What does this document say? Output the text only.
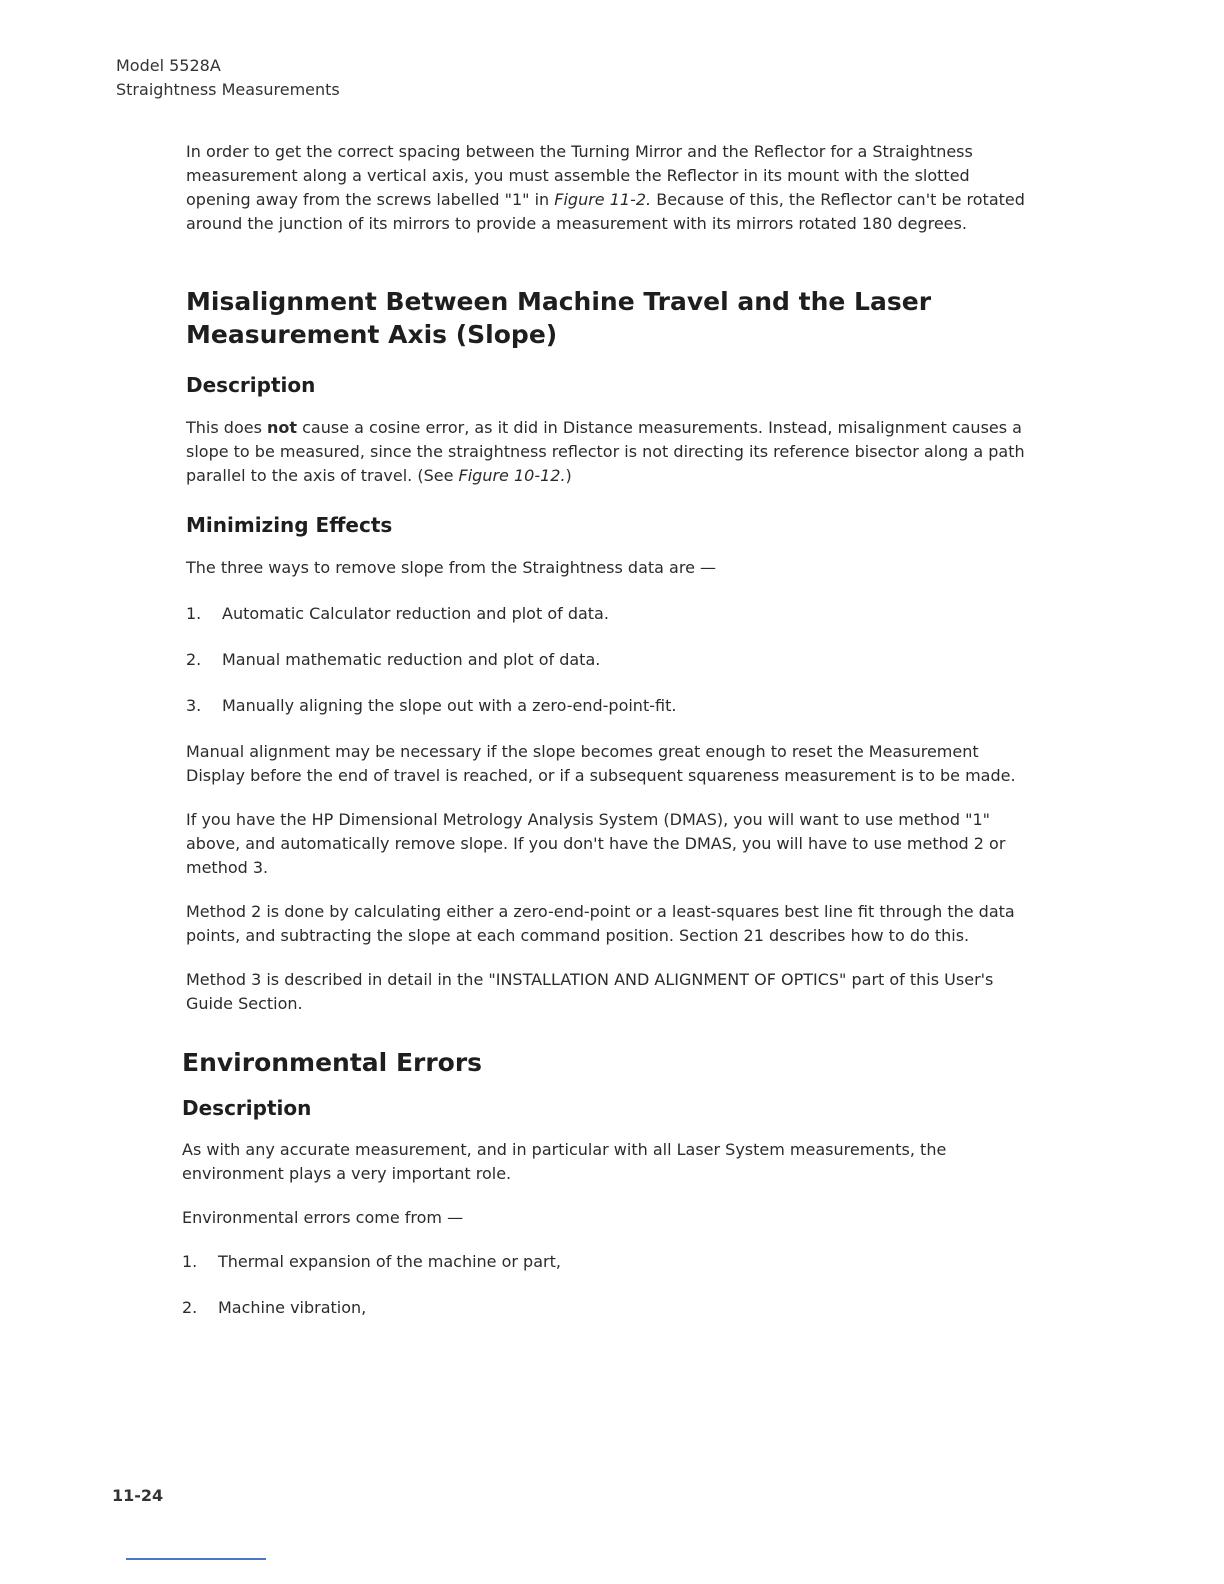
Model 5528A
Straightness Measurements

In order to get the correct spacing between the Turning Mirror and the Reflector for a Straightness measurement along a vertical axis, you must assemble the Reflector in its mount with the slotted opening away from the screws labelled "1" in Figure 11-2. Because of this, the Reflector can't be rotated around the junction of its mirrors to provide a measurement with its mirrors rotated 180 degrees.

Misalignment Between Machine Travel and the Laser Measurement Axis (Slope)
Description

This does not cause a cosine error, as it did in Distance measurements. Instead, misalignment causes a slope to be measured, since the straightness reflector is not directing its reference bisector along a path parallel to the axis of travel. (See Figure 10-12.)

Minimizing Effects

The three ways to remove slope from the Straightness data are —

1.	Automatic Calculator reduction and plot of data.
2.	Manual mathematic reduction and plot of data.
3.	Manually aligning the slope out with a zero-end-point-fit.

Manual alignment may be necessary if the slope becomes great enough to reset the Measurement Display before the end of travel is reached, or if a subsequent squareness measurement is to be made.

If you have the HP Dimensional Metrology Analysis System (DMAS), you will want to use method "1" above, and automatically remove slope. If you don't have the DMAS, you will have to use method 2 or method 3.

Method 2 is done by calculating either a zero-end-point or a least-squares best line fit through the data points, and subtracting the slope at each command position. Section 21 describes how to do this.

Method 3 is described in detail in the "INSTALLATION AND ALIGNMENT OF OPTICS" part of this User's Guide Section.

Environmental Errors
Description

As with any accurate measurement, and in particular with all Laser System measurements, the environment plays a very important role.

Environmental errors come from —

1.	Thermal expansion of the machine or part,
2.	Machine vibration,
11-24
